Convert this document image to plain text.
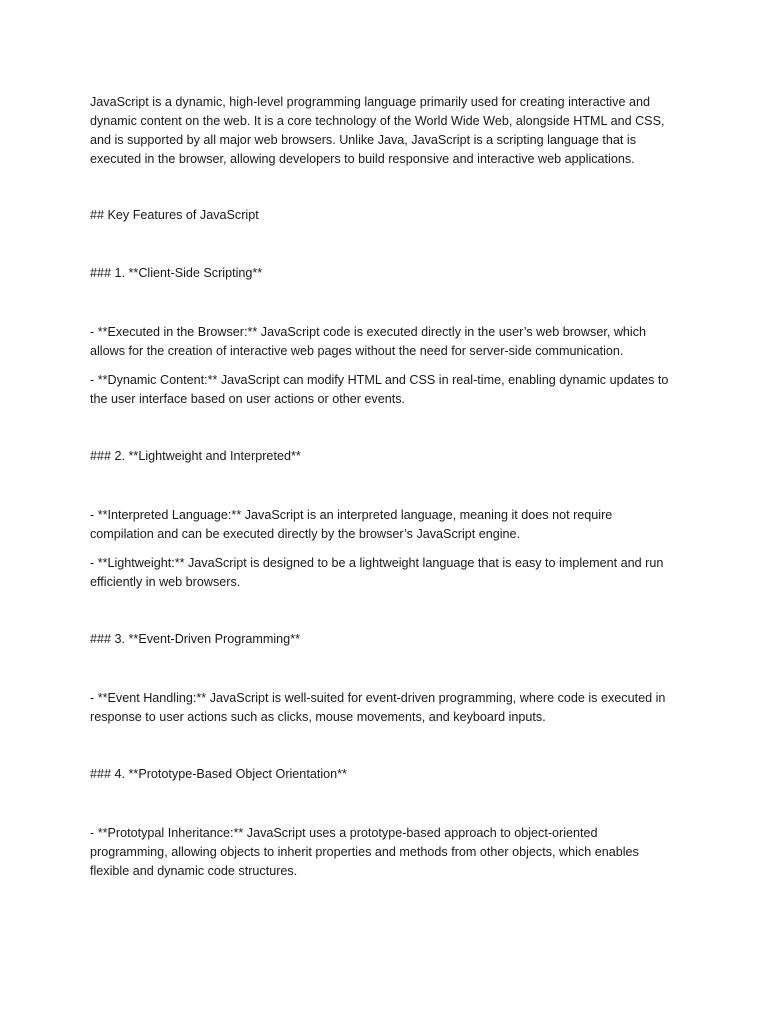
JavaScript is a dynamic, high-level programming language primarily used for creating interactive and
dynamic content on the web. It is a core technology of the World Wide Web, alongside HTML and CSS,
and is supported by all major web browsers. Unlike Java, JavaScript is a scripting language that is
executed in the browser, allowing developers to build responsive and interactive web applications.

## Key Features of JavaScript

### 1. **Client-Side Scripting**

- **Executed in the Browser:** JavaScript code is executed directly in the user’s web browser, which
allows for the creation of interactive web pages without the need for server-side communication.

- **Dynamic Content:** JavaScript can modify HTML and CSS in real-time, enabling dynamic updates to
the user interface based on user actions or other events.

### 2. **Lightweight and Interpreted**

- **Interpreted Language:** JavaScript is an interpreted language, meaning it does not require
compilation and can be executed directly by the browser’s JavaScript engine.

- **Lightweight:** JavaScript is designed to be a lightweight language that is easy to implement and run
efficiently in web browsers.

### 3. **Event-Driven Programming**

- **Event Handling:** JavaScript is well-suited for event-driven programming, where code is executed in
response to user actions such as clicks, mouse movements, and keyboard inputs.

### 4. **Prototype-Based Object Orientation**

- **Prototypal Inheritance:** JavaScript uses a prototype-based approach to object-oriented
programming, allowing objects to inherit properties and methods from other objects, which enables
flexible and dynamic code structures.
